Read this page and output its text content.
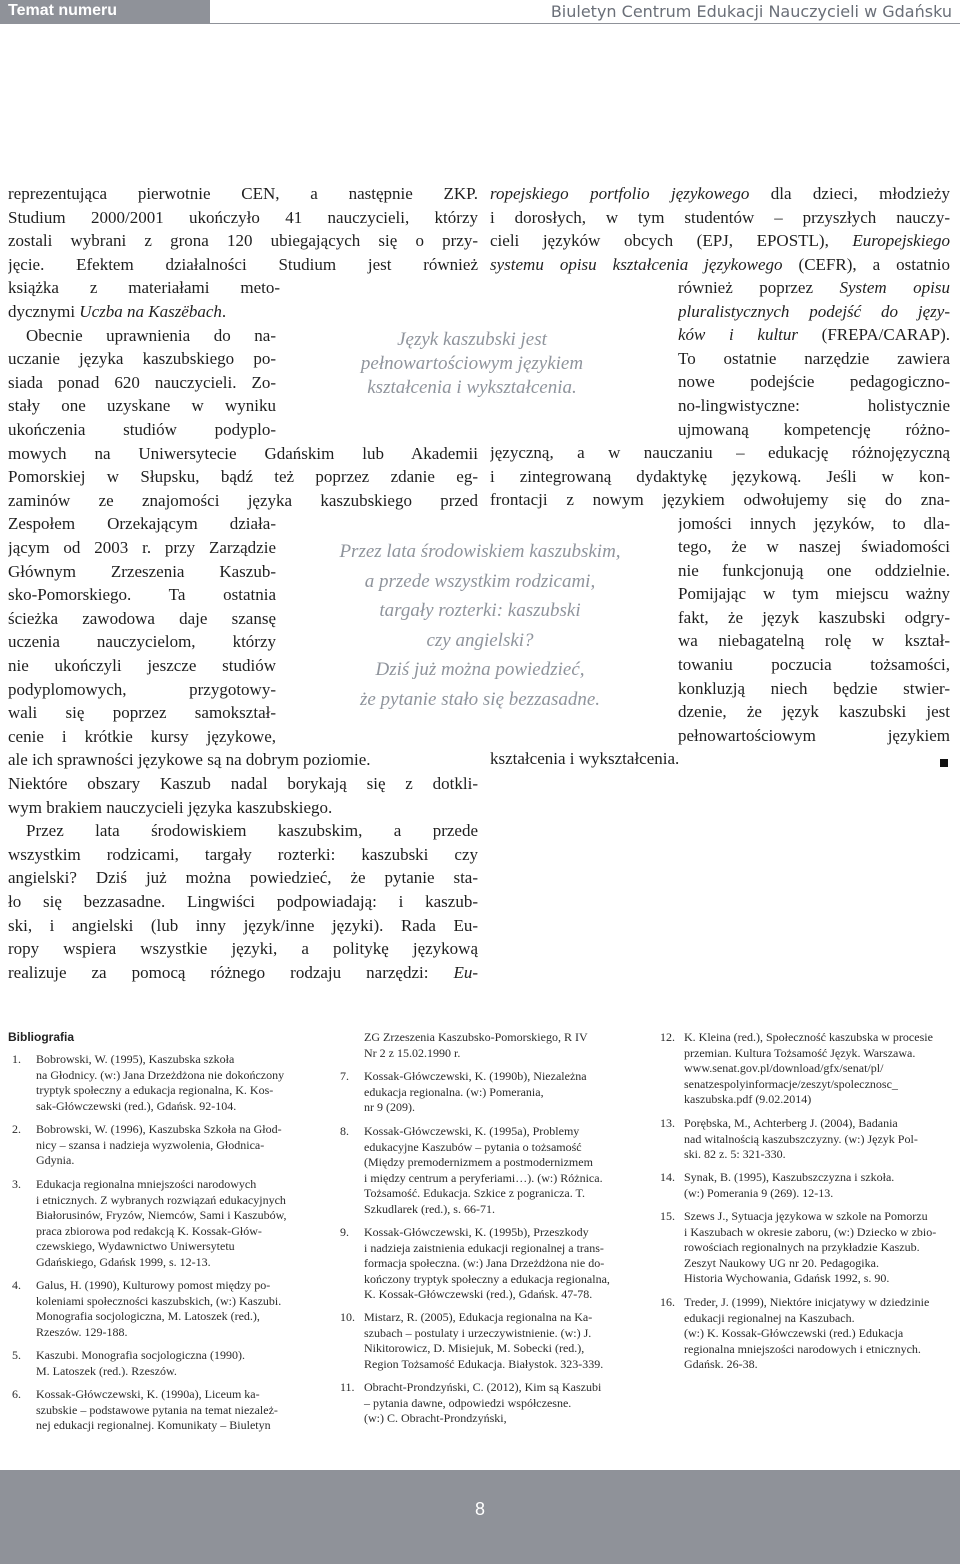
Temat numeru	Biuletyn Centrum Edukacji Nauczycieli w Gdańsku
reprezentująca pierwotnie CEN, a następnie ZKP.
Studium 2000/2001 ukończyło 41 nauczycieli, którzy
zostali wybrani z grona 120 ubiegających się o przy-
jęcie. Efektem działalności Studium jest również
książka z materiałami meto-
dycznymi Uczba na Kaszëbach.
Obecnie uprawnienia do na-
uczanie języka kaszubskiego po-
siada ponad 620 nauczycieli. Zo-
stały one uzyskane w wyniku
ukończenia studiów podyplo-
mowych na Uniwersytecie Gdańskim lub Akademii
Pomorskiej w Słupsku, bądź też poprzez zdanie eg-
zaminów ze znajomości języka kaszubskiego przed
Zespołem Orzekającym działa-
jącym od 2003 r. przy Zarządzie
Głównym Zrzeszenia Kaszub-
sko-Pomorskiego. Ta ostatnia
ścieżka zawodowa daje szansę
uczenia nauczycielom, którzy
nie ukończyli jeszcze studiów
podyplomowych, przygotowy-
wali się poprzez samokształ-
cenie i krótkie kursy językowe,
ale ich sprawności językowe są na dobrym poziomie.
Niektóre obszary Kaszub nadal borykają się z dotkli-
wym brakiem nauczycieli języka kaszubskiego.
Przez lata środowiskiem kaszubskim, a przede
wszystkim rodzicami, targały rozterki: kaszubski czy
angielski? Dziś już można powiedzieć, że pytanie sta-
ło się bezzasadne. Lingwiści podpowiadają: i kaszub-
ski, i angielski (lub inny język/inne języki). Rada Eu-
ropy wspiera wszystkie języki, a politykę językową
realizuje za pomocą różnego rodzaju narzędzi: Eu-
ropejskiego portfolio językowego dla dzieci, młodzieży
i dorosłych, w tym studentów – przyszłych nauczy-
cieli języków obcych (EPJ, EPOSTL), Europejskiego
systemu opisu kształcenia językowego (CEFR), a ostatnio
również poprzez System opisu
pluralistycznych podejść do języ-
ków i kultur (FREPA/CARAP).
To ostatnie narzędzie zawiera
nowe podejście pedagogiczno-
no-lingwistyczne: holistycznie
ujmowaną kompetencję różno-
języczną, a w nauczaniu – edukację różnojęzyczną
i zintegrowaną dydaktykę językową. Jeśli w kon-
frontacji z nowym językiem odwołujemy się do zna-
jomości innych języków, to dla-
tego, że w naszej świadomości
nie funkcjonują one oddzielnie.
Pomijając w tym miejscu ważny
fakt, że język kaszubski odgry-
wa niebagatelną rolę w kształ-
towaniu poczucia tożsamości,
konkluzją niech będzie stwier-
dzenie, że język kaszubski jest
pełnowartościowym językiem
kształcenia i wykształcenia.
Język kaszubski jest
pełnowartościowym językiem
kształcenia i wykształcenia.
Przez lata środowiskiem kaszubskim,
a przede wszystkim rodzicami,
targały rozterki: kaszubski
czy angielski?
Dziś już można powiedzieć,
że pytanie stało się bezzasadne.
Bibliografia
1. Bobrowski, W. (1995), Kaszubska szkoła
na Głodnicy. (w:) Jana Drzeżdżona nie dokończony
tryptyk społeczny a edukacja regionalna, K. Kos-
sak-Główczewski (red.), Gdańsk. 92-104.
2. Bobrowski, W. (1996), Kaszubska Szkoła na Głod-
nicy – szansa i nadzieja wyzwolenia, Głodnica-
Gdynia.
3. Edukacja regionalna mniejszości narodowych
i etnicznych. Z wybranych rozwiązań edukacyjnych
Białorusinów, Fryzów, Niemców, Sami i Kaszubów,
praca zbiorowa pod redakcją K. Kossak-Głów-
czewskiego, Wydawnictwo Uniwersytetu
Gdańskiego, Gdańsk 1999, s. 12-13.
4. Galus, H. (1990), Kulturowy pomost między po-
koleniami społeczności kaszubskich, (w:) Kaszubi.
Monografia socjologiczna, M. Latoszek (red.),
Rzeszów. 129-188.
5. Kaszubi. Monografia socjologiczna (1990).
M. Latoszek (red.). Rzeszów.
6. Kossak-Główczewski, K. (1990a), Liceum ka-
szubskie – podstawowe pytania na temat niezależ-
nej edukacji regionalnej. Komunikaty – Biuletyn
ZG Zrzeszenia Kaszubsko-Pomorskiego, R IV
Nr 2 z 15.02.1990 r.
7. Kossak-Główczewski, K. (1990b), Niezależna
edukacja regionalna. (w:) Pomerania,
nr 9 (209).
8. Kossak-Główczewski, K. (1995a), Problemy
edukacyjne Kaszubów – pytania o tożsamość
(Między premodernizmem a postmodernizmem
i między centrum a peryferiami…). (w:) Różnica.
Tożsamość. Edukacja. Szkice z pogranicza. T.
Szkudlarek (red.), s. 66-71.
9. Kossak-Główczewski, K. (1995b), Przeszkody
i nadzieja zaistnienia edukacji regionalnej a trans-
formacja społeczna. (w:) Jana Drzeżdżona nie do-
kończony tryptyk społeczny a edukacja regionalna,
K. Kossak-Główczewski (red.), Gdańsk. 47-78.
10. Mistarz, R. (2005), Edukacja regionalna na Ka-
szubach – postulaty i urzeczywistnienie. (w:) J.
Nikitorowicz, D. Misiejuk, M. Sobecki (red.),
Region Tożsamość Edukacja. Białystok. 323-339.
11. Obracht-Prondzyński, C. (2012), Kim są Kaszubi
– pytania dawne, odpowiedzi współczesne.
(w:) C. Obracht-Prondzyński,
12. K. Kleina (red.), Społeczność kaszubska w procesie
przemian. Kultura Tożsamość Język. Warszawa.
www.senat.gov.pl/download/gfx/senat/pl/
senatzespolyinformacje/zeszyt/spolecznosc_
kaszubska.pdf (9.02.2014)
13. Porębska, M., Achterberg J. (2004), Badania
nad witalnością kaszubszczyzny. (w:) Język Pol-
ski. 82 z. 5: 321-330.
14. Synak, B. (1995), Kaszubszczyzna i szkoła.
(w:) Pomerania 9 (269). 12-13.
15. Szews J., Sytuacja językowa w szkole na Pomorzu
i Kaszubach w okresie zaboru, (w:) Dziecko w zbio-
rowościach regionalnych na przykładzie Kaszub.
Zeszyt Naukowy UG nr 20. Pedagogika.
Historia Wychowania, Gdańsk 1992, s. 90.
16. Treder, J. (1999), Niektóre inicjatywy w dziedzinie
edukacji regionalnej na Kaszubach.
(w:) K. Kossak-Główczewski (red.) Edukacja
regionalna mniejszości narodowych i etnicznych.
Gdańsk. 26-38.
8
